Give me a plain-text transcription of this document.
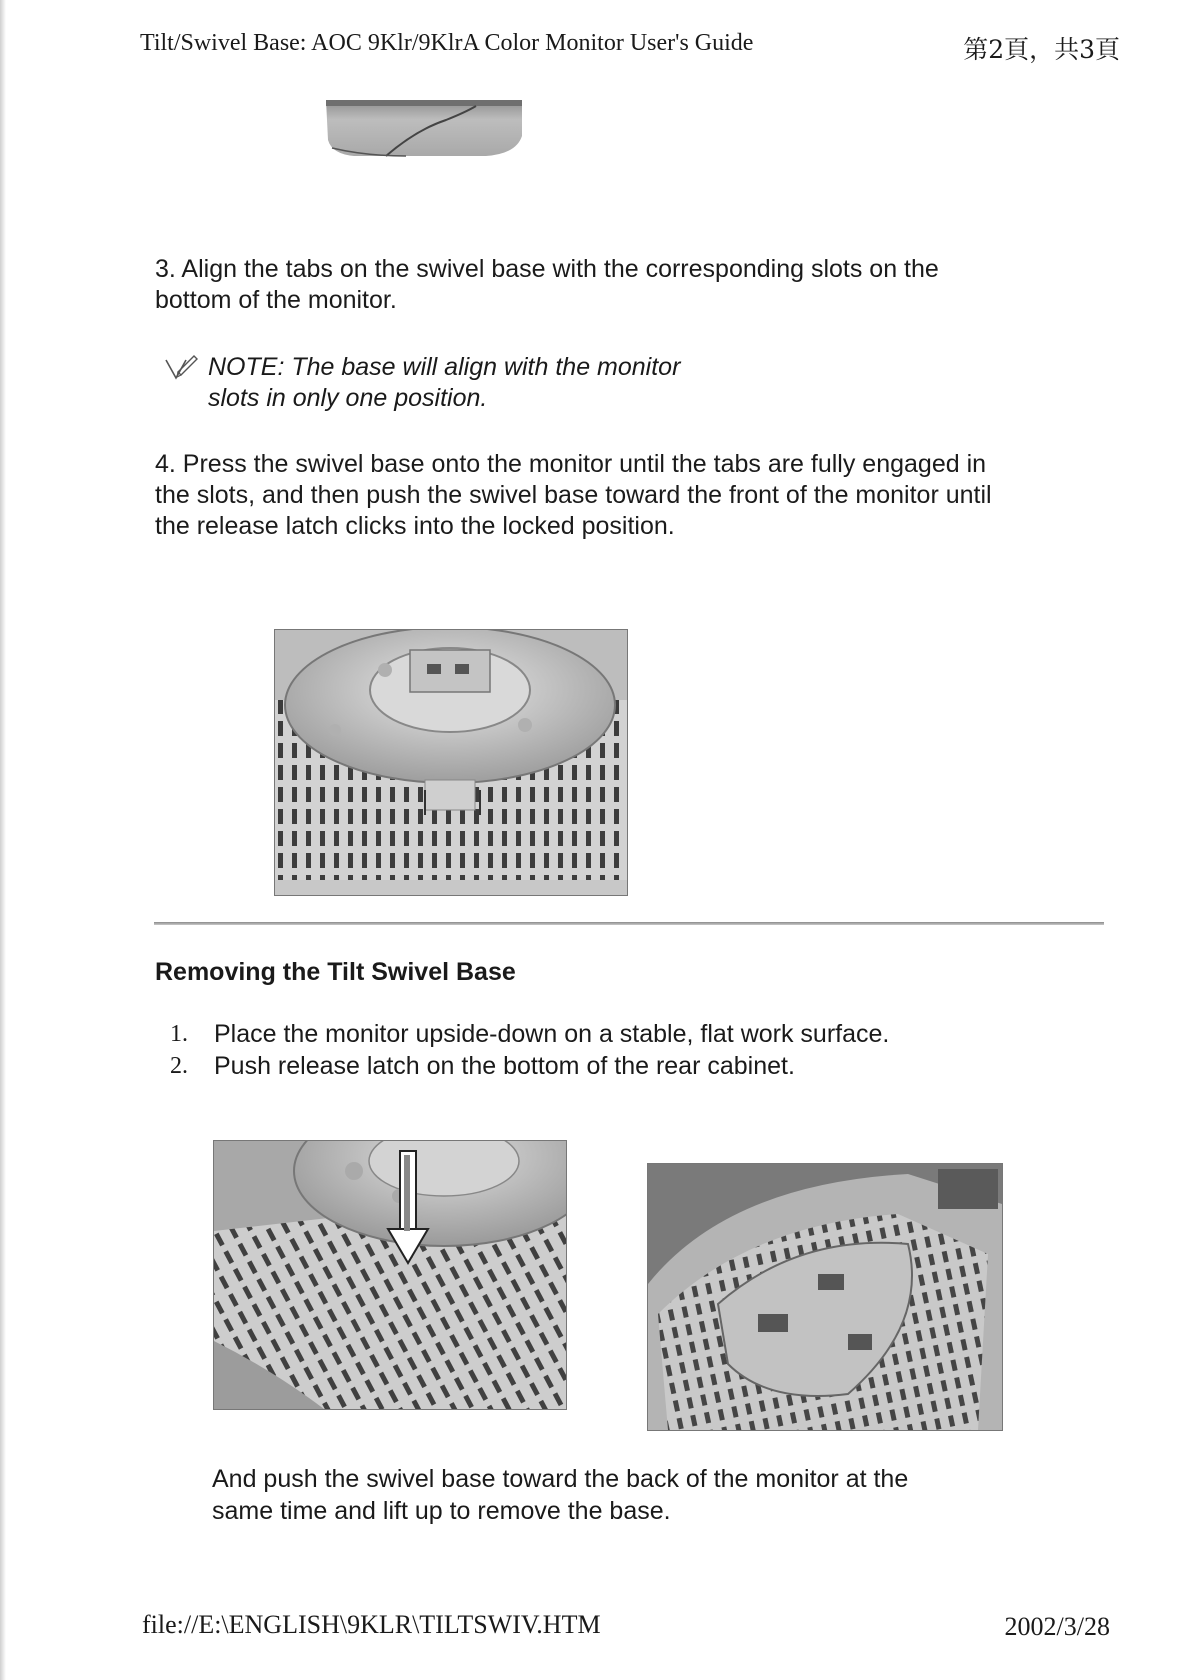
Tilt/Swivel Base: AOC 9Klr/9KlrA Color Monitor User's Guide	第2頁，共3頁
3. Align the tabs on the swivel base with the corresponding slots on the
bottom of the monitor.
NOTE: The base will align with the monitor
slots in only one position.
4. Press the swivel base onto the monitor until the tabs are fully engaged in
the slots, and then push the swivel base toward the front of the monitor until
the release latch clicks into the locked position.
Removing the Tilt Swivel Base
1. Place the monitor upside-down on a stable, flat work surface.
2. Push release latch on the bottom of the rear cabinet.
And push the swivel base toward the back of the monitor at the
same time and lift up to remove the base.
file://E:\ENGLISH\9KLR\TILTSWIV.HTM	2002/3/28
